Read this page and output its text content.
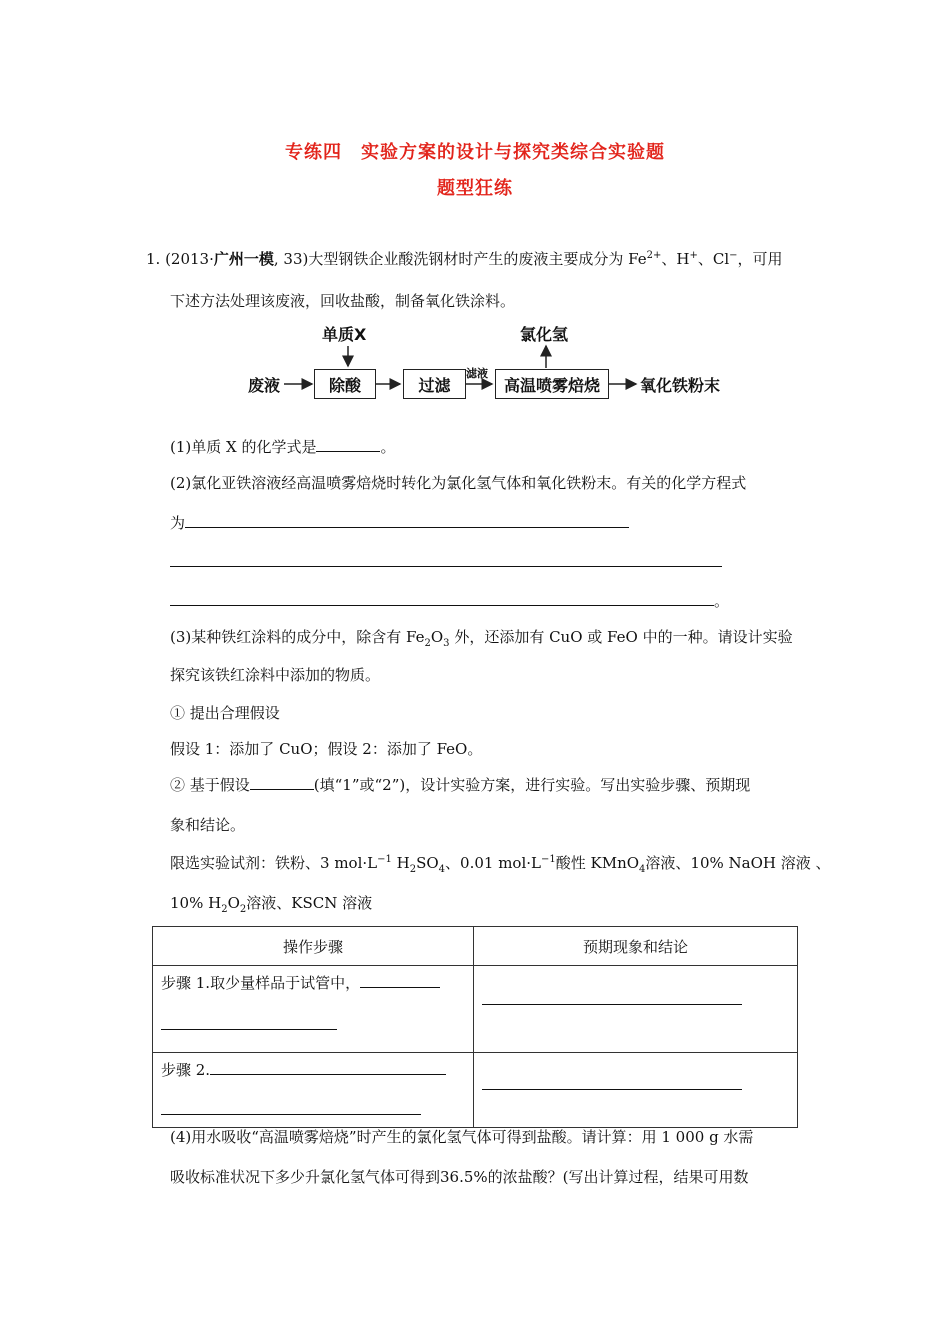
专练四　实验方案的设计与探究类综合实验题
题型狂练
1. (2013·广州一模, 33)大型钢铁企业酸洗钢材时产生的废液主要成分为 $Fe^{2+}$、H+、Cl−，可用
下述方法处理该废液，回收盐酸，制备氧化铁涂料。
废液
单质X
除酸	过滤
滤液
高温喷雾焙烧
氯化氢
氧化铁粉末
(1)单质 X 的化学式是	。
(2)氯化亚铁溶液经高温喷雾焙烧时转化为氯化氢气体和氧化铁粉末。有关的化学方程式
为
。
(3)某种铁红涂料的成分中，除含有 $Fe_2O_3$ 外，还添加有 CuO 或 FeO 中的一种。请设计实验
探究该铁红涂料中添加的物质。
① 提出合理假设
假设 1：添加了 CuO；假设 2：添加了 FeO。
② 基于假设	(填“1”或“2”)，设计实验方案，进行实验。写出实验步骤、预期现
象和结论。
限选实验试剂：铁粉、3 $mol\cdot L^{-1}$ $H_2SO_4$、0.01 $mol\cdot L^{-1}$酸性 KMnO$_4$溶液、10% NaOH 溶液 、
10% $H_2O_2$溶液、KSCN 溶液
操作步骤	预期现象和结论

步骤 1.取少量样品于试管中，	

步骤 2.	

(4)用水吸收“高温喷雾焙烧”时产生的氯化氢气体可得到盐酸。请计算：用 1 000 g 水需
吸收标准状况下多少升氯化氢气体可得到36.5%的浓盐酸？(写出计算过程，结果可用数
